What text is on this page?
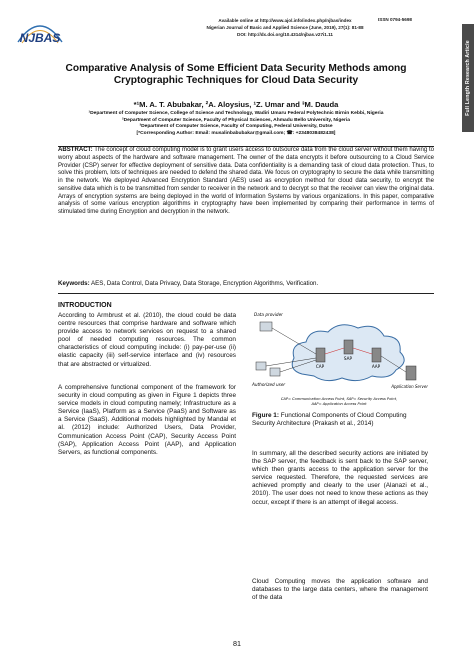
NJBAS
Available online at http://www.ajol.info/index.php/njbas/index
Nigerian Journal of Basic and Applied Science (June, 2019), 27(1): 81-88
DOI: http://dx.doi.org/10.4314/njbas.v27i1.11
ISSN 0794-5698
Full Length Research Article
Comparative Analysis of Some Efficient Data Security Methods among Cryptographic Techniques for Cloud Data Security
*¹M. A. T. Abubakar, ²A. Aloysius, ¹Z. Umar and ³M. Dauda
¹Department of Computer Science, College of Science and Technology, Wadiri Umaru Federal Polytechnic Birnin Kebbi, Nigeria
²Department of Computer Science, Faculty of Physical Sciences, Ahmadu Bello University, Nigeria
³Department of Computer Science, Faculty of Computing, Federal University, Dutse
[*Corresponding Author: Email: musalinbabubakar@gmail.com; ☎: +2348038482438]
ABSTRACT: The concept of cloud computing model is to grant users access to outsource data from the cloud server without them having to worry about aspects of the hardware and software management. The owner of the data encrypts it before outsourcing to a Cloud Service Provider (CSP) server for effective deployment of sensitive data. Data confidentiality is a demanding task of cloud data protection. Thus, to solve this problem, lots of techniques are needed to defend the shared data. We focus on cryptography to secure the data while transmitting in the network. We deployed Advanced Encryption Standard (AES) used as encryption method for cloud data security, to encrypt the sensitive data which is to be transmitted from sender to receiver in the network and to decrypt so that the receiver can view the original data. Arrays of encryption systems are being deployed in the world of Information Systems by various organizations. In this paper, comparative analysis of some various encryption algorithms in cryptography have been implemented by comparing their performance in terms of stimulated time during Encryption and decryption in the network.
Keywords: AES, Data Control, Data Privacy, Data Storage, Encryption Algorithms, Verification.
INTRODUCTION
According to Armbrust et al. (2010), the cloud could be data centre resources that comprise hardware and software which provide access to network services on request to a shared pool of needed computing resources. The common characteristics of cloud computing include: (i) pay-per-use (ii) elastic capacity (iii) self-service interface and (iv) resources that are abstracted or virtualized.
A comprehensive functional component of the framework for security in cloud computing as given in Figure 1 depicts three service models in cloud computing namely; Infrastructure as a Service (IaaS), Platform as a Service (PaaS) and Software as a Service (SaaS). Additional models highlighted by Mandal et al. (2012) include: Authorized Users, Data Provider, Communication Access Point (CAP), Security Access Point (SAP), Application Access Point (AAP), and Application Servers, as functional components.
CAP
SAP
AAP
Data provider
Authorized user	Application Server
CAP= Communication Access Point, SAP= Security Access Point,
AAP= Application Access Point
Figure 1: Functional Components of Cloud Computing Security Architecture (Prakash et al., 2014)
In summary, all the described security actions are initiated by the SAP server, the feedback is sent back to the SAP server, which then grants access to the application server for the service requested. Therefore, the requested services are achieved promptly and clearly to the user (Alanazi et al., 2010). The user does not need to know these actions as they occur, except if there is an attempt of illegal access.
Cloud Computing moves the application software and databases to the large data centers, where the management of the data
81
